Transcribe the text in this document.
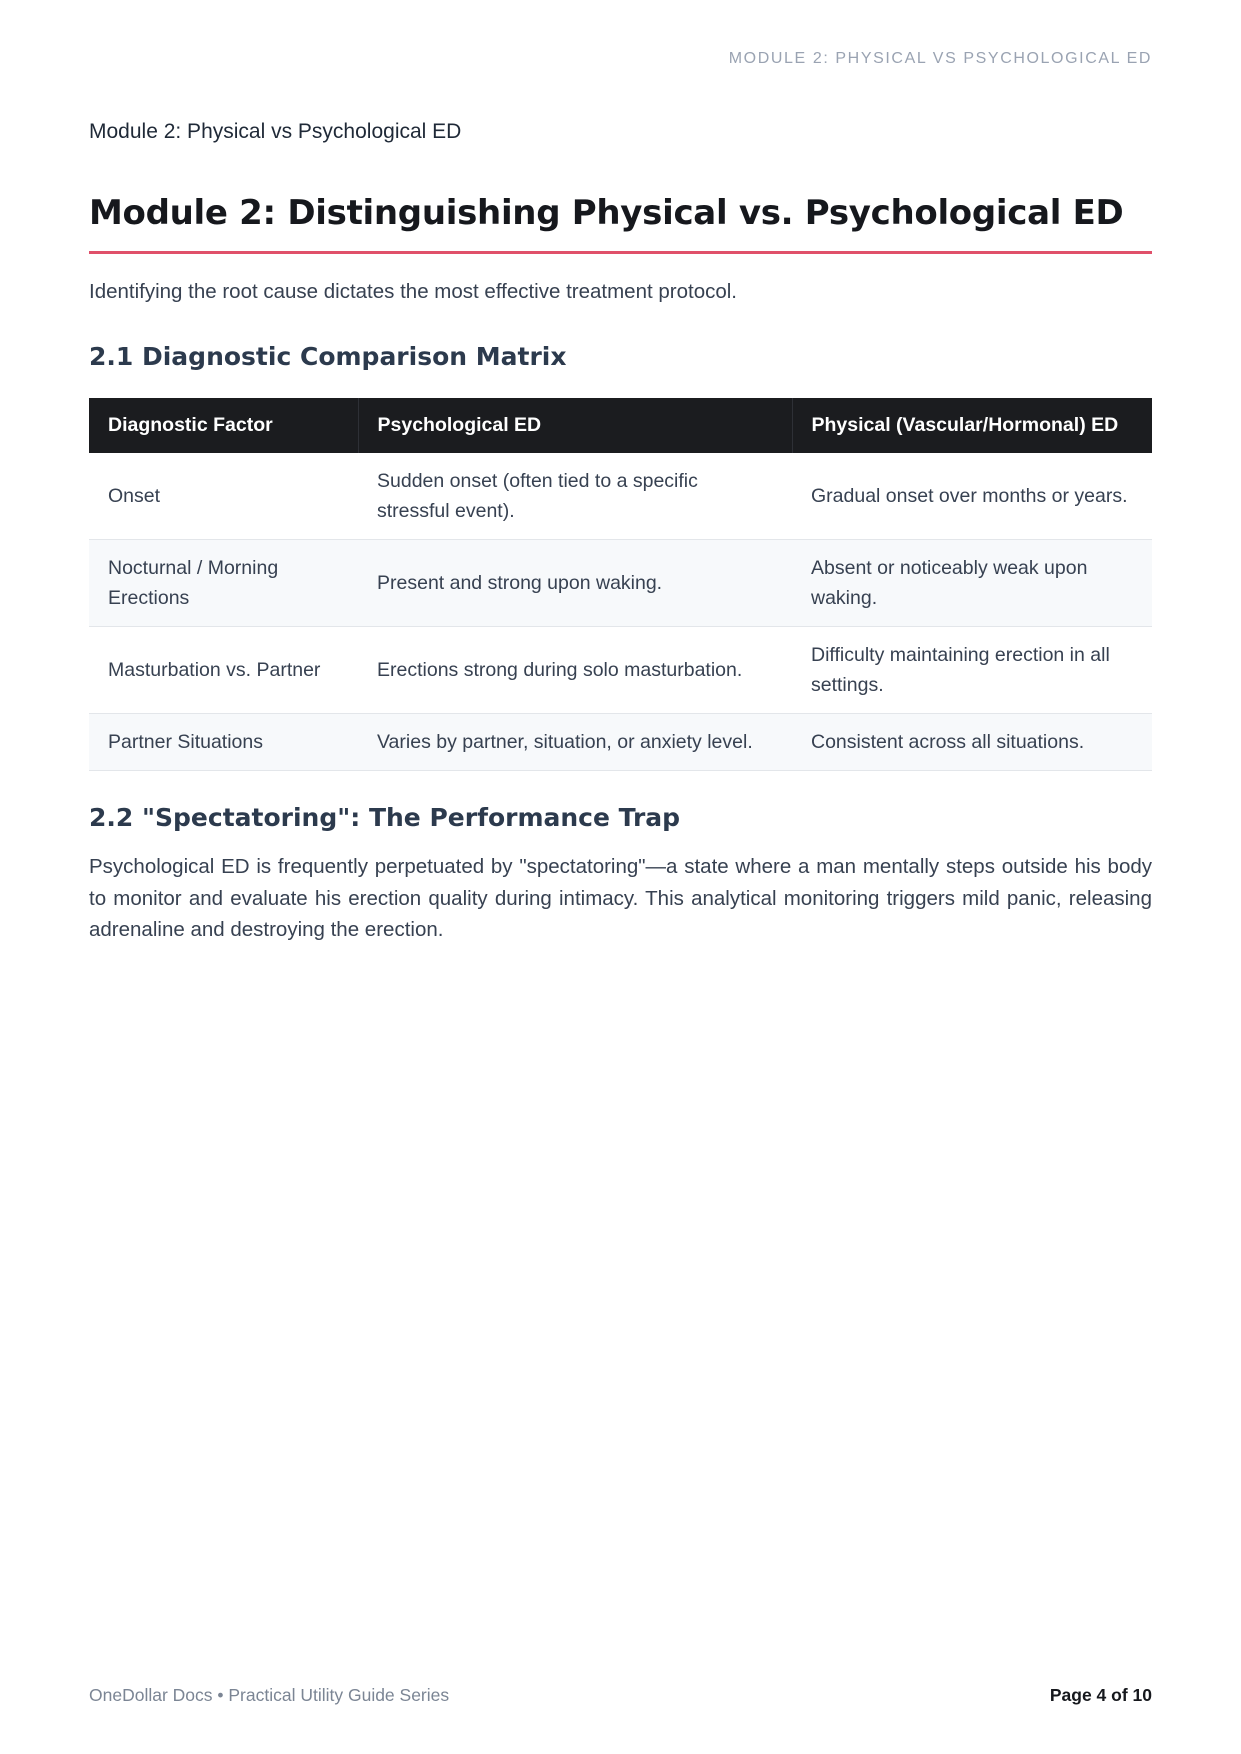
MODULE 2: PHYSICAL VS PSYCHOLOGICAL ED
Module 2: Physical vs Psychological ED
Module 2: Distinguishing Physical vs. Psychological ED
Identifying the root cause dictates the most effective treatment protocol.
2.1 Diagnostic Comparison Matrix
Diagnostic Factor	Psychological ED	Physical (Vascular/Hormonal) ED
Onset	Sudden onset (often tied to a specific stressful event).	Gradual onset over months or years.
Nocturnal / Morning Erections	Present and strong upon waking.	Absent or noticeably weak upon waking.
Masturbation vs. Partner	Erections strong during solo masturbation.	Difficulty maintaining erection in all settings.
Partner Situations	Varies by partner, situation, or anxiety level.	Consistent across all situations.
2.2 "Spectatoring": The Performance Trap

Psychological ED is frequently perpetuated by "spectatoring"—a state where a man mentally steps outside his body to monitor and evaluate his erection quality during intimacy. This analytical monitoring triggers mild panic, releasing adrenaline and destroying the erection.

OneDollar Docs • Practical Utility Guide Series	Page 4 of 10
